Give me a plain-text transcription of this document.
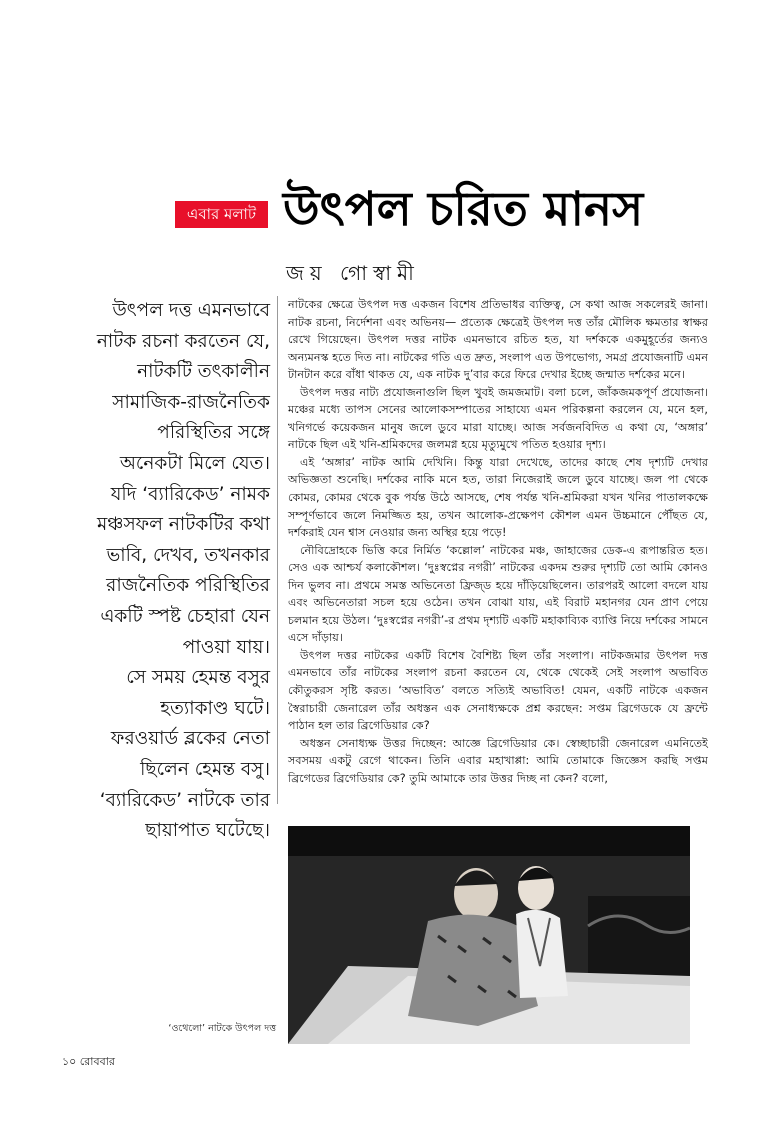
এবার মলাট উৎপল চরিত মানস
জয় গোস্বামী
উৎপল দত্ত এমনভাবে
নাটক রচনা করতেন যে,
নাটকটি তৎকালীন
সামাজিক-রাজনৈতিক
পরিস্থিতির সঙ্গে
অনেকটা মিলে যেত।
যদি ‘ব্যারিকেড’ নামক
মঞ্চসফল নাটকটির কথা
ভাবি, দেখব, তখনকার
রাজনৈতিক পরিস্থিতির
একটি স্পষ্ট চেহারা যেন
পাওয়া যায়।
সে সময় হেমন্ত বসুর
হত্যাকাণ্ড ঘটে।
ফরওয়ার্ড ব্লকের নেতা
ছিলেন হেমন্ত বসু।
‘ব্যারিকেড’ নাটকে তার
ছায়াপাত ঘটেছে।

নাটকের ক্ষেত্রে উৎপল দত্ত একজন বিশেষ প্রতিভাধর ব্যক্তিত্ব, সে কথা আজ সকলেরই জানা। নাটক রচনা, নির্দেশনা এবং অভিনয়— প্রত্যেক ক্ষেত্রেই উৎপল দত্ত তাঁর মৌলিক ক্ষমতার স্বাক্ষর রেখে গিয়েছেন। উৎপল দত্তর নাটক এমনভাবে রচিত হত, যা দর্শককে একমুহূর্তের জন্যও অন্যমনস্ক হতে দিত না। নাটকের গতি এত দ্রুত, সংলাপ এত উপভোগ্য, সমগ্র প্রযোজনাটি এমন টানটান করে বাঁধা থাকত যে, এক নাটক দু’বার করে ফিরে দেখার ইচ্ছে জন্মাত দর্শকের মনে।

উৎপল দত্তর নাট্য প্রযোজনাগুলি ছিল খুবই জমজমাট। বলা চলে, জাঁকজমকপূর্ণ প্রযোজনা। মঞ্চের মধ্যে তাপস সেনের আলোকসম্পাতের সাহায্যে এমন পরিকল্পনা করলেন যে, মনে হল, খনিগর্ভে কয়েকজন মানুষ জলে ডুবে মারা যাচ্ছে। আজ সর্বজনবিদিত এ কথা যে, ‘অঙ্গার’ নাটকে ছিল এই খনি-শ্রমিকদের জলমগ্ন হয়ে মৃত্যুমুখে পতিত হওয়ার দৃশ্য।

এই ‘অঙ্গার’ নাটক আমি দেখিনি। কিন্তু যারা দেখেছে, তাদের কাছে শেষ দৃশ্যটি দেখার অভিজ্ঞতা শুনেছি। দর্শকের নাকি মনে হত, তারা নিজেরাই জলে ডুবে যাচ্ছে। জল পা থেকে কোমর, কোমর থেকে বুক পর্যন্ত উঠে আসছে, শেষ পর্যন্ত খনি-শ্রমিকরা যখন খনির পাতালকক্ষে সম্পূর্ণভাবে জলে নিমজ্জিত হয়, তখন আলোক-প্রক্ষেপণ কৌশল এমন উচ্চমানে পৌঁছত যে, দর্শকরাই যেন শ্বাস নেওয়ার জন্য অস্থির হয়ে পড়ে!

নৌবিদ্রোহকে ভিত্তি করে নির্মিত ‘কল্লোল’ নাটকের মঞ্চ, জাহাজের ডেক-এ রূপান্তরিত হত। সেও এক আশ্চর্য কলাকৌশল। ‘দুঃস্বপ্নের নগরী’ নাটকের একদম শুরুর দৃশ্যটি তো আমি কোনও দিন ভুলব না। প্রথমে সমস্ত অভিনেতা ফ্রিজ্‌ড হয়ে দাঁড়িয়েছিলেন। তারপরই আলো বদলে যায় এবং অভিনেতারা সচল হয়ে ওঠেন। তখন বোঝা যায়, এই বিরাট মহানগর যেন প্রাণ পেয়ে চলমান হয়ে উঠল। ‘দুঃস্বপ্নের নগরী’-র প্রথম দৃশ্যটি একটি মহাকাব্যিক ব্যাপ্তি নিয়ে দর্শকের সামনে এসে দাঁড়ায়।

উৎপল দত্তর নাটকের একটি বিশেষ বৈশিষ্ট্য ছিল তাঁর সংলাপ। নাটকজমার উৎপল দত্ত এমনভাবে তাঁর নাটকের সংলাপ রচনা করতেন যে, থেকে থেকেই সেই সংলাপ অভাবিত কৌতুকরস সৃষ্টি করত। ‘অভাবিত’ বলতে সত্যিই অভাবিত! যেমন, একটি নাটকে একজন স্বৈরাচারী জেনারেল তাঁর অধস্তন এক সেনাধ্যক্ষকে প্রশ্ন করছেন: সপ্তম ব্রিগেডকে যে ফ্রন্টে পাঠান হল তার ব্রিগেডিয়ার কে?

অধস্তন সেনাধ্যক্ষ উত্তর দিচ্ছেন: আজ্ঞে ব্রিগেডিয়ার কে। স্বেচ্ছাচারী জেনারেল এমনিতেই সবসময় একটু রেগে থাকেন। তিনি এবার মহাখাপ্পা: আমি তোমাকে জিজ্ঞেস করছি সপ্তম ব্রিগেডের ব্রিগেডিয়ার কে? তুমি আমাকে তার উত্তর দিচ্ছ না কেন? বলো,

‘ওথেলো’ নাটকে উৎপল দত্ত
১০ রোববার
